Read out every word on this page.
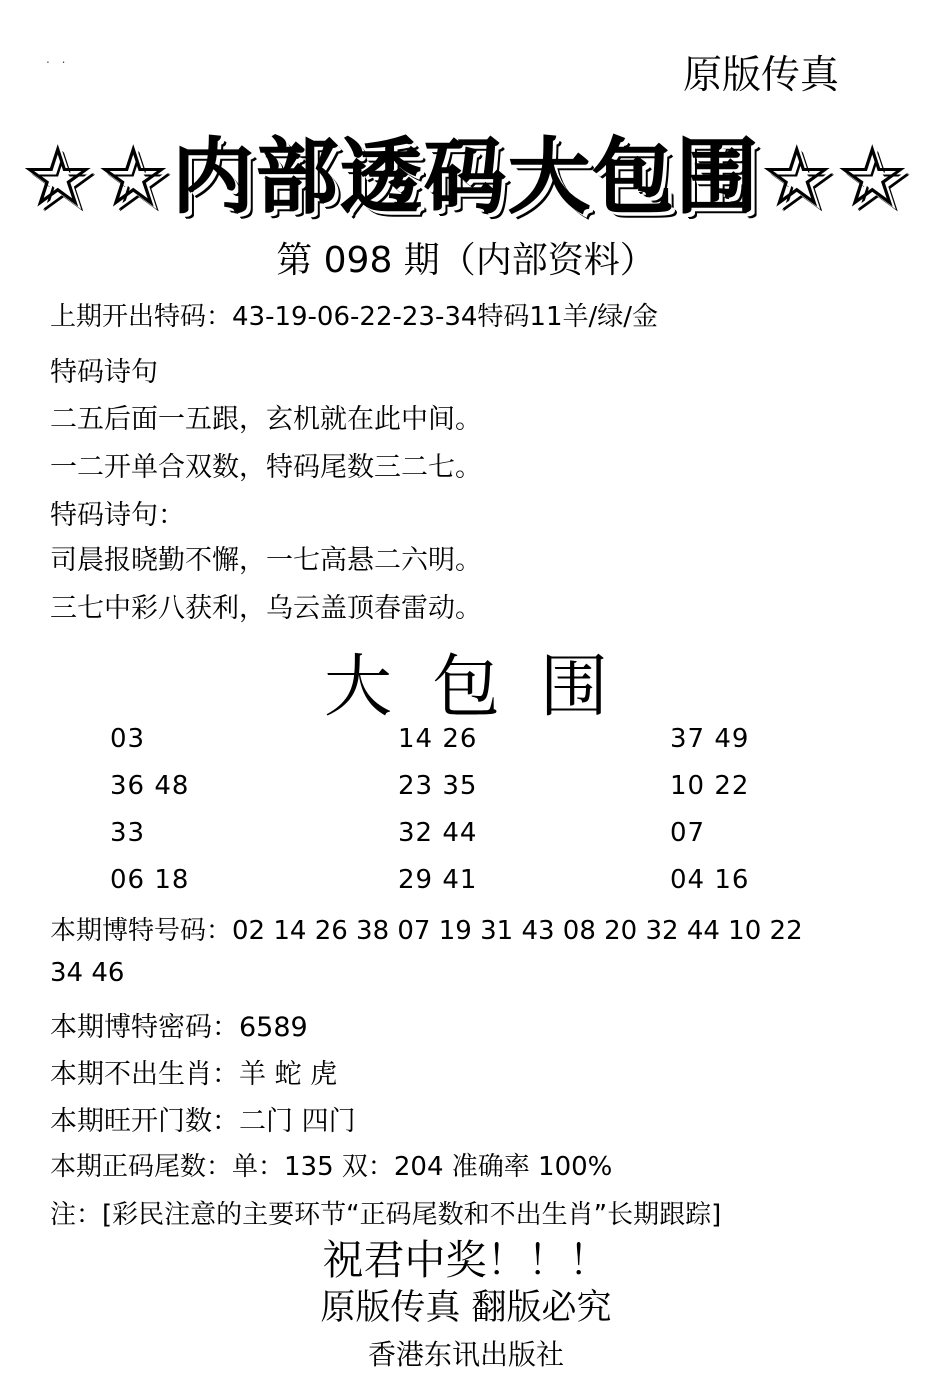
. .	原版传真
☆☆内部透码大包围☆☆
第 098 期（内部资料）
上期开出特码：43-19-06-22-23-34特码11羊/绿/金
特码诗句
二五后面一五跟，玄机就在此中间。
一二开单合双数，特码尾数三二七。
特码诗句：
司晨报晓勤不懈，一七高悬二六明。
三七中彩八获利，乌云盖顶春雷动。
大包围
03	14 26	37 49
36 48	23 35	10 22
33	32 44	07
06 18	29 41	04 16
本期博特号码：02 14 26 38 07 19 31 43 08 20 32 44 10 22
34 46
本期博特密码：6589
本期不出生肖：羊 蛇 虎
本期旺开门数：二门 四门
本期正码尾数：单：135 双：204 准确率 100%
注：[彩民注意的主要环节“正码尾数和不出生肖”长期跟踪]
祝君中奖！！！
原版传真 翻版必究
香港东讯出版社
